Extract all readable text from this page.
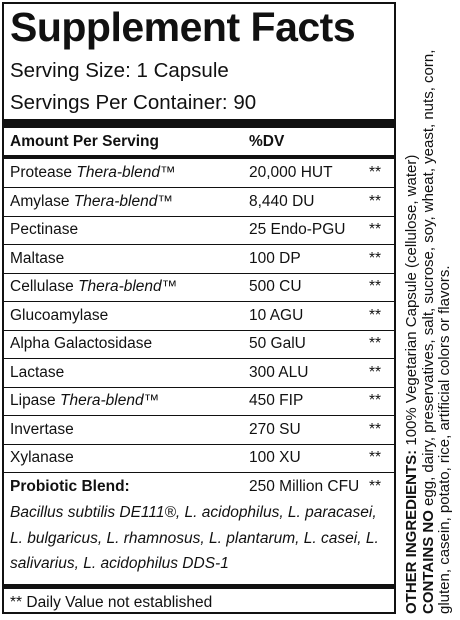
Supplement Facts
Serving Size: 1 Capsule
Servings Per Container: 90
Amount Per Serving	%DV
Protease Thera-blend™	20,000 HUT **
Amylase Thera-blend™	8,440 DU	**
Pectinase	25 Endo-PGU **
Maltase	100 DP	**
Cellulase Thera-blend™	500 CU	**
Glucoamylase	10 AGU	**
Alpha Galactosidase	50 GalU	**
Lactase	300 ALU	**
Lipase Thera-blend™	450 FIP	**
Invertase	270 SU	**
Xylanase	100 XU	**
Probiotic Blend:	250 Million CFU **
Bacillus subtilis DE111®, L. acidophilus, L. paracasei, L. bulgaricus, L. rhamnosus, L. plantarum, L. casei, L. salivarius, L. acidophilus DDS-1
** Daily Value not established	OTHER INGREDIENTS: 100% Vegetarian Capsule (cellulose, water)

CONTAINS NO egg, dairy, preservatives, salt, sucrose, soy, wheat, yeast, nuts, corn, gluten, casein, potato, rice, artificial colors or flavors.
